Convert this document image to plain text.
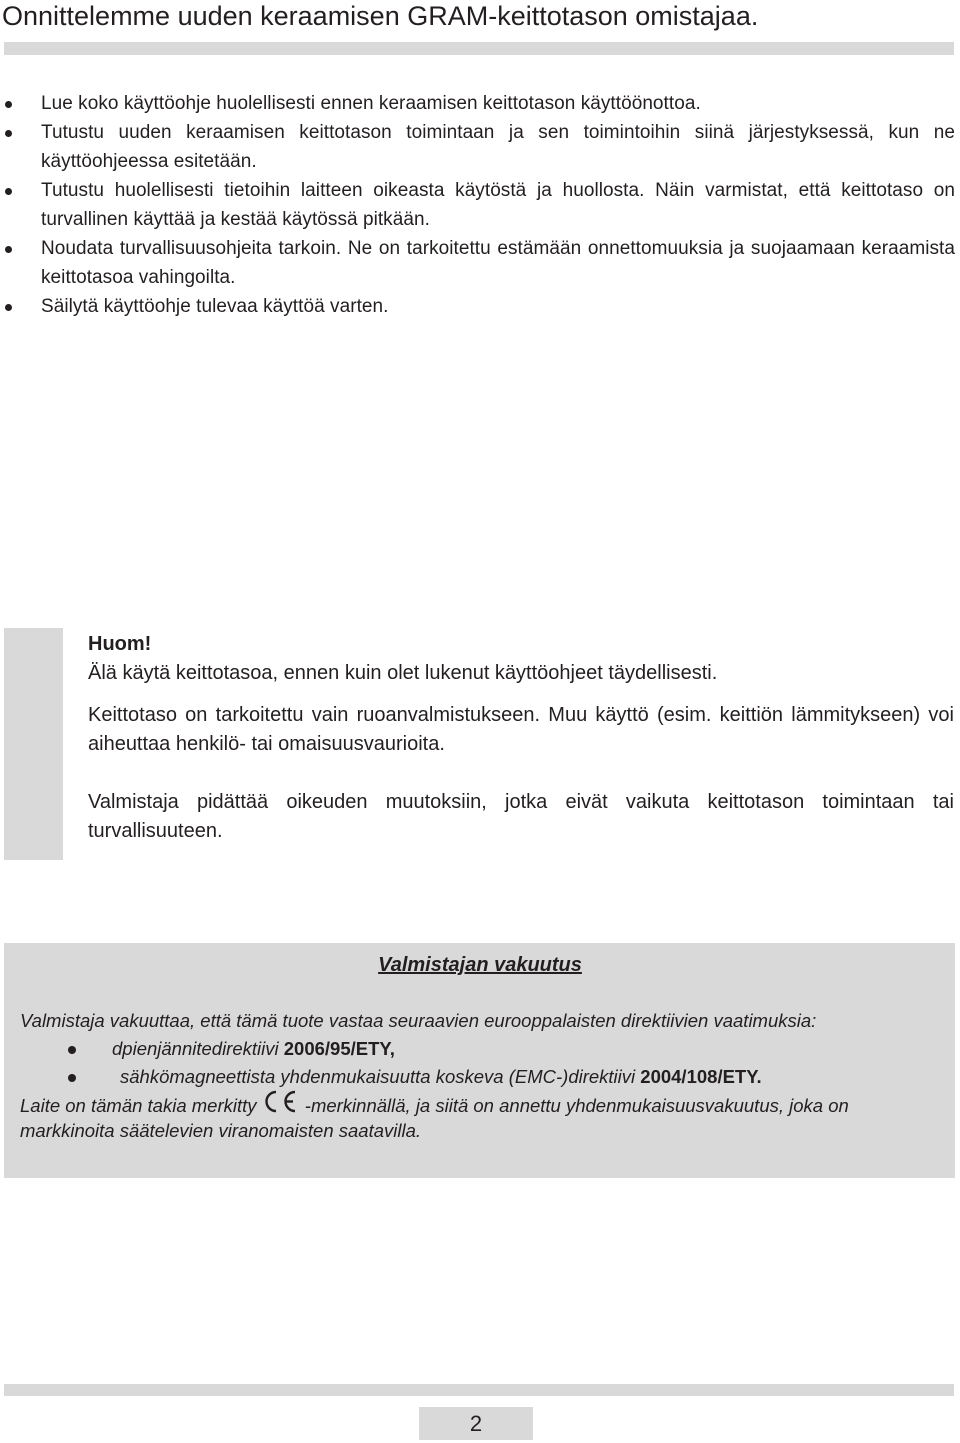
Onnittelemme uuden keraamisen GRAM-keittotason omistajaa.
Lue koko käyttöohje huolellisesti ennen keraamisen keittotason käyttöönottoa.
Tutustu uuden keraamisen keittotason toimintaan ja sen toimintoihin siinä järjestyksessä, kun ne käyttöohjeessa esitetään.
Tutustu huolellisesti tietoihin laitteen oikeasta käytöstä ja huollosta. Näin varmistat, että keittotaso on turvallinen käyttää ja kestää käytössä pitkään.
Noudata turvallisuusohjeita tarkoin. Ne on tarkoitettu estämään onnettomuuksia ja suojaamaan keraamista keittotasoa vahingoilta.
Säilytä käyttöohje tulevaa käyttöä varten.

Huom!

Älä käytä keittotasoa, ennen kuin olet lukenut käyttöohjeet täydellisesti.

Keittotaso on tarkoitettu vain ruoanvalmistukseen. Muu käyttö (esim. keittiön lämmitykseen) voi aiheuttaa henkilö- tai omaisuusvaurioita.

Valmistaja pidättää oikeuden muutoksiin, jotka eivät vaikuta keittotason toimintaan tai turvallisuuteen.

Valmistajan vakuutus

Valmistaja vakuuttaa, että tämä tuote vastaa seuraavien eurooppalaisten direktiivien vaatimuksia:

dpienjännitedirektiivi 2006/95/ETY,

sähkömagneettista yhdenmukaisuutta koskeva (EMC-)direktiivi 2004/108/ETY.

Laite on tämän takia merkitty	-merkinnällä, ja siitä on annettu yhdenmukaisuusvakuutus, joka on markkinoita säätelevien viranomaisten saatavilla.

2
